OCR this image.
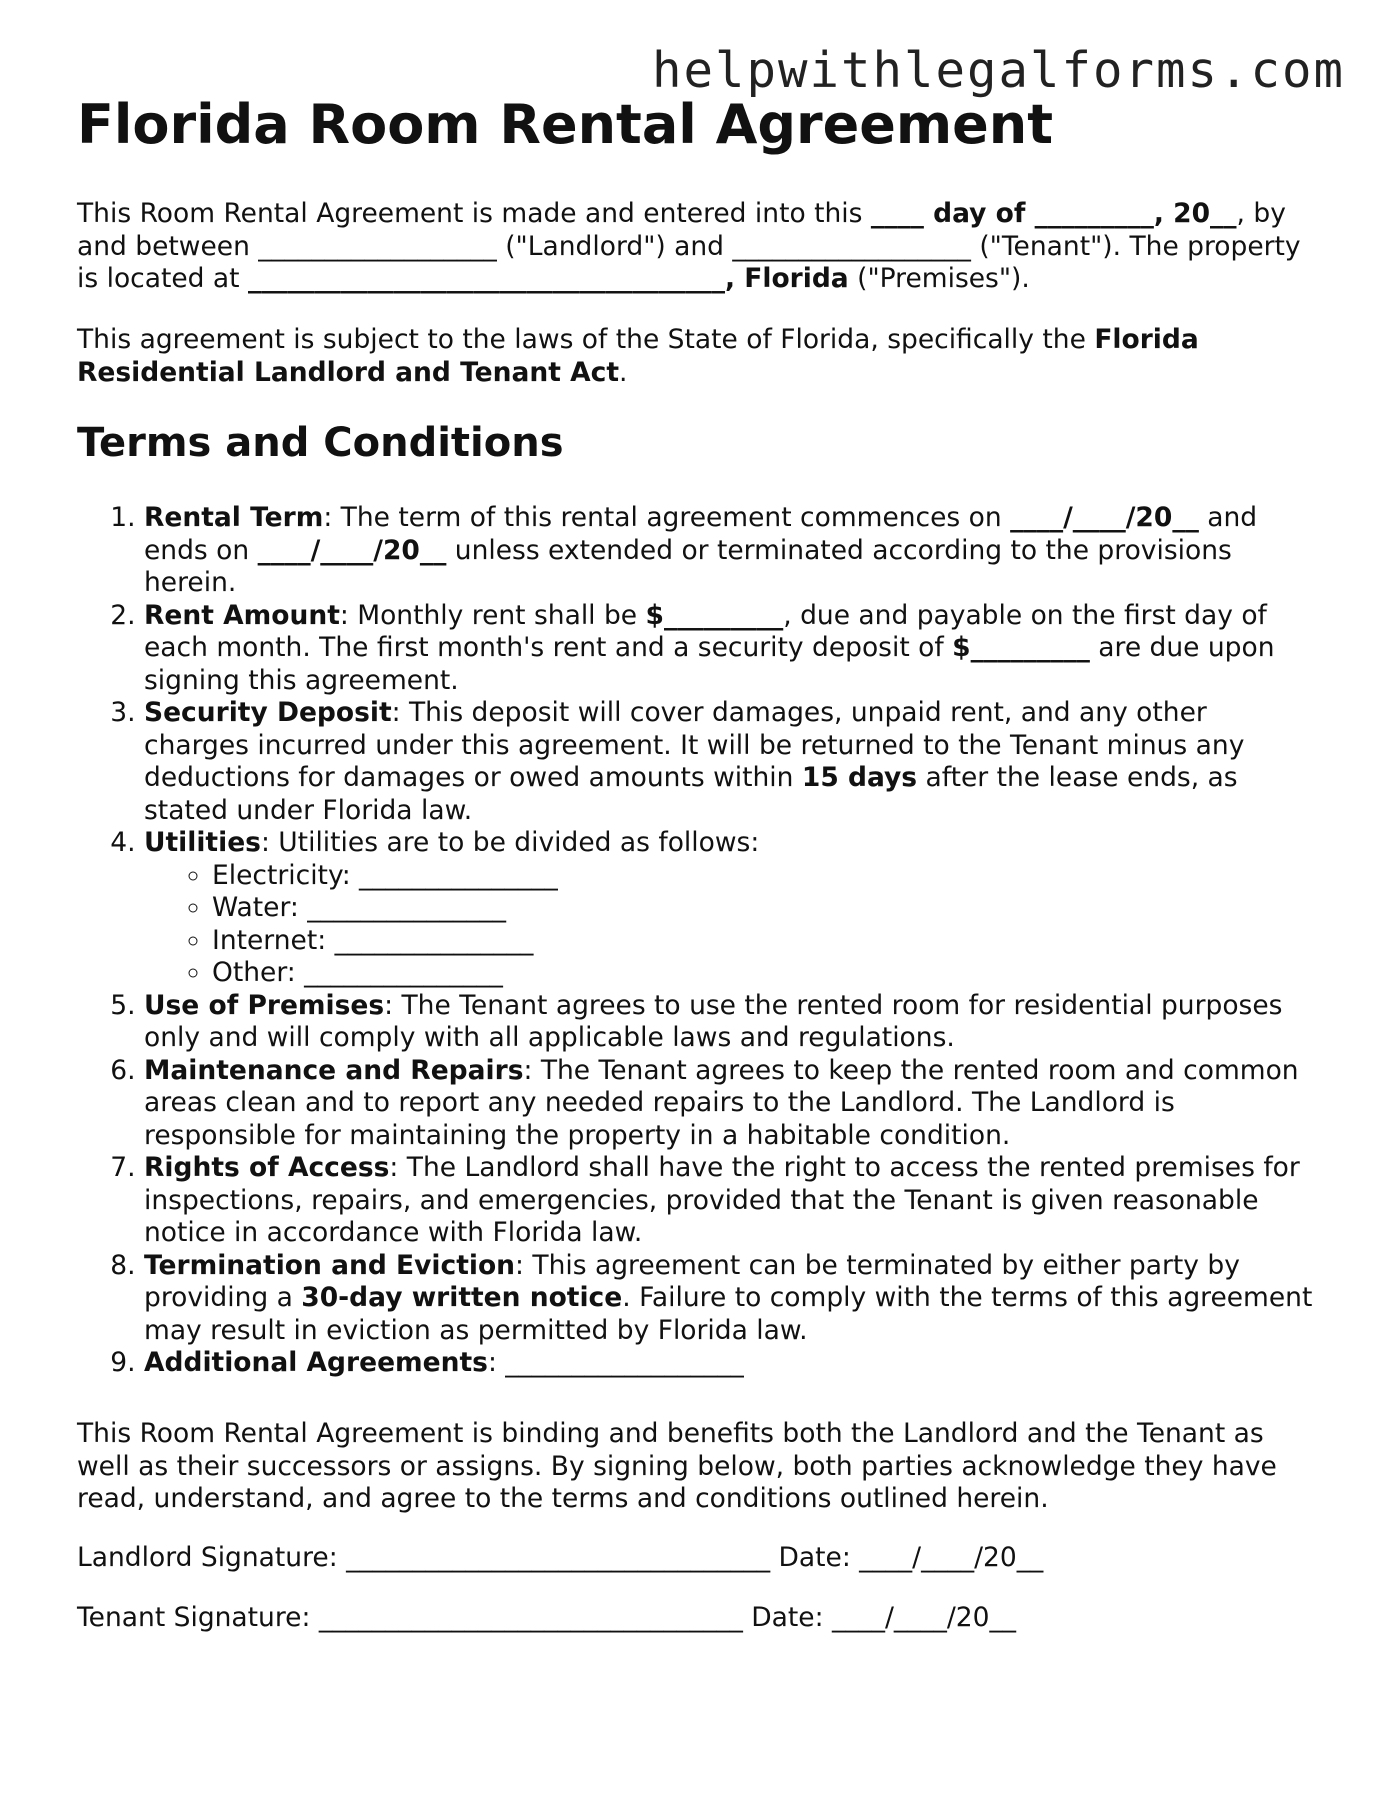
helpwithlegalforms.com
Florida Room Rental Agreement

This Room Rental Agreement is made and entered into this ____ day of _________, 20__, by and between __________________ ("Landlord") and __________________ ("Tenant"). The property is located at ____________________________________, Florida ("Premises").

This agreement is subject to the laws of the State of Florida, specifically the Florida Residential Landlord and Tenant Act.

Terms and Conditions
1. Rental Term: The term of this rental agreement commences on ____/____/20__ and ends on ____/____/20__ unless extended or terminated according to the provisions herein.
2. Rent Amount: Monthly rent shall be $_________, due and payable on the first day of each month. The first month's rent and a security deposit of $_________ are due upon signing this agreement.
3. Security Deposit: This deposit will cover damages, unpaid rent, and any other charges incurred under this agreement. It will be returned to the Tenant minus any deductions for damages or owed amounts within 15 days after the lease ends, as stated under Florida law.
4. Utilities: Utilities are to be divided as follows:
◦ Electricity: _______________
◦ Water: _______________
◦ Internet: _______________
◦ Other: _______________
5. Use of Premises: The Tenant agrees to use the rented room for residential purposes only and will comply with all applicable laws and regulations.
6. Maintenance and Repairs: The Tenant agrees to keep the rented room and common areas clean and to report any needed repairs to the Landlord. The Landlord is responsible for maintaining the property in a habitable condition.
7. Rights of Access: The Landlord shall have the right to access the rented premises for inspections, repairs, and emergencies, provided that the Tenant is given reasonable notice in accordance with Florida law.
8. Termination and Eviction: This agreement can be terminated by either party by providing a 30-day written notice. Failure to comply with the terms of this agreement may result in eviction as permitted by Florida law.
9. Additional Agreements: __________________

This Room Rental Agreement is binding and benefits both the Landlord and the Tenant as well as their successors or assigns. By signing below, both parties acknowledge they have read, understand, and agree to the terms and conditions outlined herein.

Landlord Signature: ________________________________ Date: ____/____/20__

Tenant Signature: ________________________________ Date: ____/____/20__
